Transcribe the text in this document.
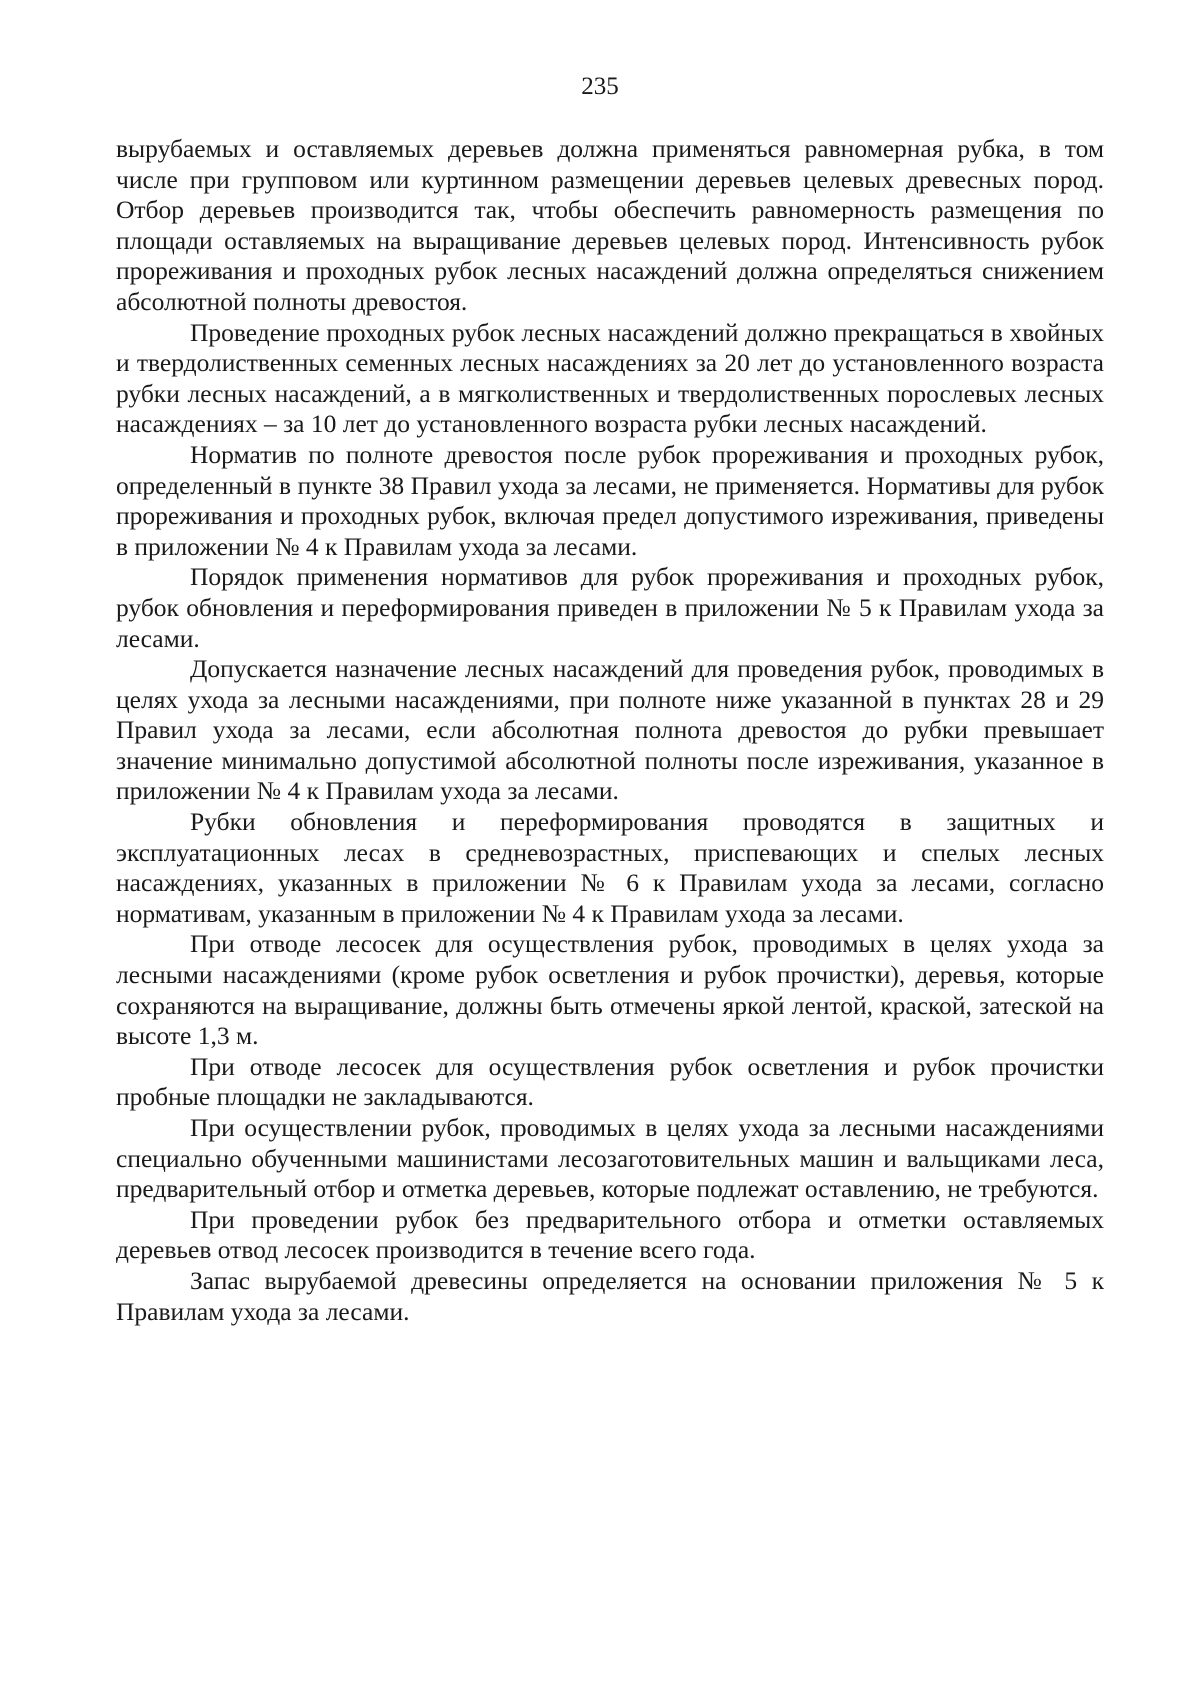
235

вырубаемых и оставляемых деревьев должна применяться равномерная рубка, в том числе при групповом или куртинном размещении деревьев целевых древесных пород. Отбор деревьев производится так, чтобы обеспечить равномерность размещения по площади оставляемых на выращивание деревьев целевых пород. Интенсивность рубок прореживания и проходных рубок лесных насаждений должна определяться снижением абсолютной полноты древостоя.

Проведение проходных рубок лесных насаждений должно прекращаться в хвойных и твердолиственных семенных лесных насаждениях за 20 лет до установленного возраста рубки лесных насаждений, а в мягколиственных и твердолиственных порослевых лесных насаждениях – за 10 лет до установленного возраста рубки лесных насаждений.

Норматив по полноте древостоя после рубок прореживания и проходных рубок, определенный в пункте 38 Правил ухода за лесами, не применяется. Нормативы для рубок прореживания и проходных рубок, включая предел допустимого изреживания, приведены в приложении № 4 к Правилам ухода за лесами.

Порядок применения нормативов для рубок прореживания и проходных рубок, рубок обновления и переформирования приведен в приложении № 5 к Правилам ухода за лесами.

Допускается назначение лесных насаждений для проведения рубок, проводимых в целях ухода за лесными насаждениями, при полноте ниже указанной в пунктах 28 и 29 Правил ухода за лесами, если абсолютная полнота древостоя до рубки превышает значение минимально допустимой абсолютной полноты после изреживания, указанное в приложении № 4 к Правилам ухода за лесами.

Рубки обновления и переформирования проводятся в защитных и эксплуатационных лесах в средневозрастных, приспевающих и спелых лесных насаждениях, указанных в приложении № 6 к Правилам ухода за лесами, согласно нормативам, указанным в приложении № 4 к Правилам ухода за лесами.

При отводе лесосек для осуществления рубок, проводимых в целях ухода за лесными насаждениями (кроме рубок осветления и рубок прочистки), деревья, которые сохраняются на выращивание, должны быть отмечены яркой лентой, краской, затеской на высоте 1,3 м.

При отводе лесосек для осуществления рубок осветления и рубок прочистки пробные площадки не закладываются.

При осуществлении рубок, проводимых в целях ухода за лесными насаждениями специально обученными машинистами лесозаготовительных машин и вальщиками леса, предварительный отбор и отметка деревьев, которые подлежат оставлению, не требуются.

При проведении рубок без предварительного отбора и отметки оставляемых деревьев отвод лесосек производится в течение всего года.

Запас вырубаемой древесины определяется на основании приложения № 5 к Правилам ухода за лесами.
